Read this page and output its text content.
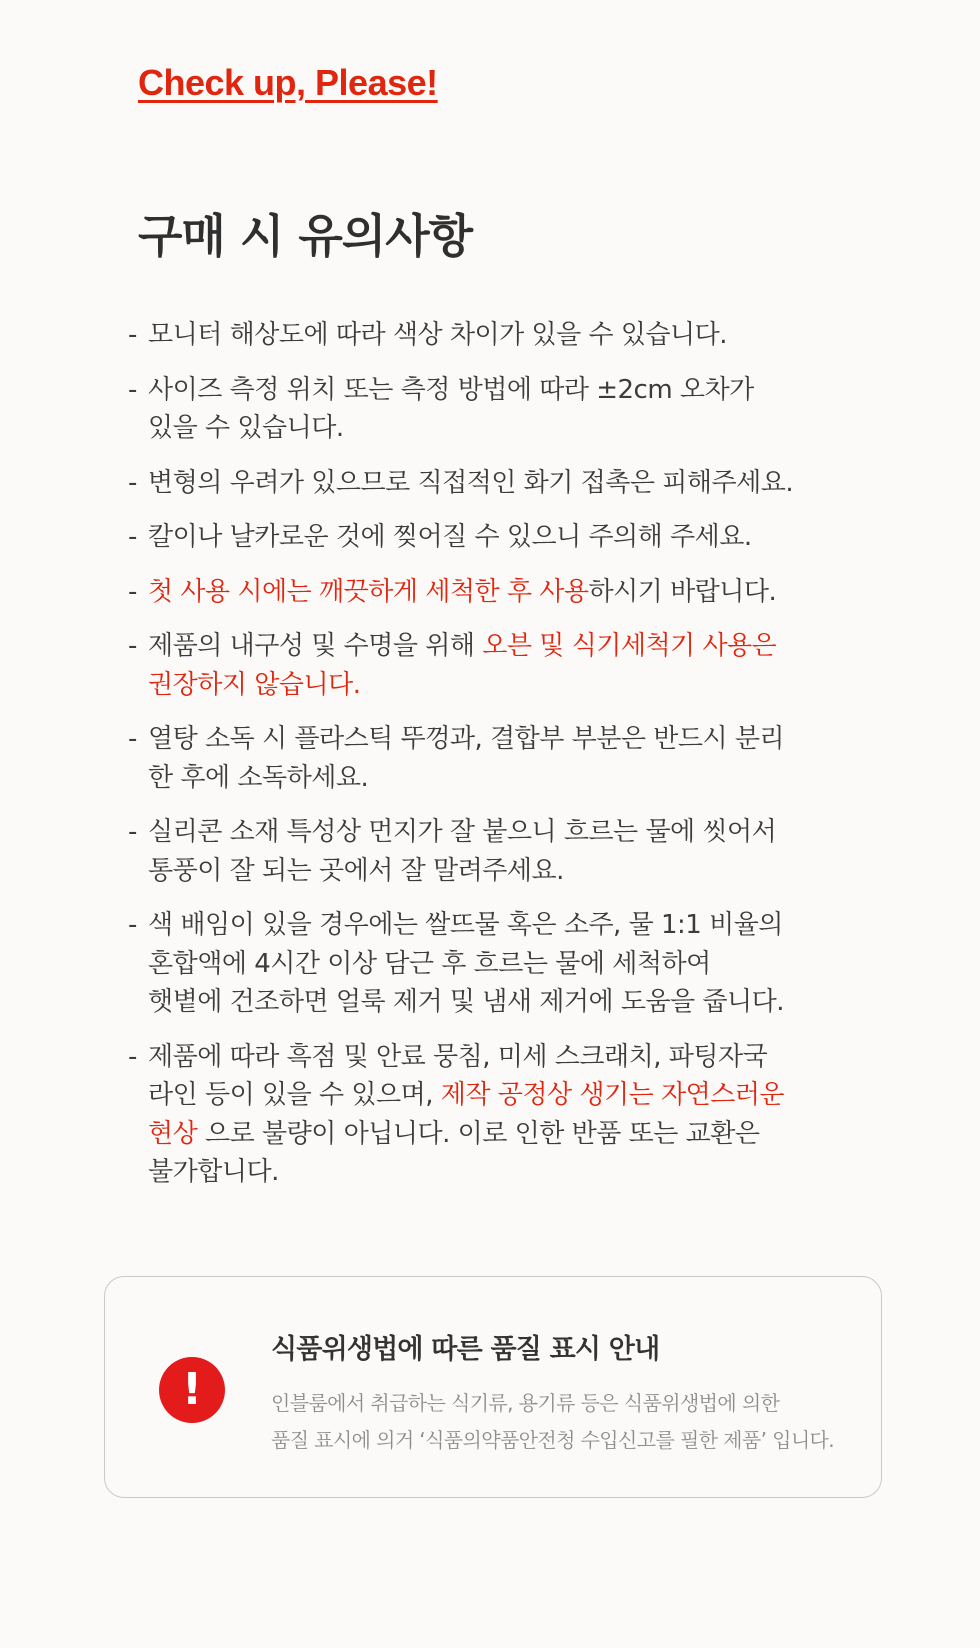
Check up, Please!
구매 시 유의사항
- 모니터 해상도에 따라 색상 차이가 있을 수 있습니다.
- 사이즈 측정 위치 또는 측정 방법에 따라 ±2cm 오차가
있을 수 있습니다.
- 변형의 우려가 있으므로 직접적인 화기 접촉은 피해주세요.
- 칼이나 날카로운 것에 찢어질 수 있으니 주의해 주세요.
- 첫 사용 시에는 깨끗하게 세척한 후 사용하시기 바랍니다.
- 제품의 내구성 및 수명을 위해 오븐 및 식기세척기 사용은
권장하지 않습니다.
- 열탕 소독 시 플라스틱 뚜껑과, 결합부 부분은 반드시 분리
한 후에 소독하세요.
- 실리콘 소재 특성상 먼지가 잘 붙으니 흐르는 물에 씻어서
통풍이 잘 되는 곳에서 잘 말려주세요.
- 색 배임이 있을 경우에는 쌀뜨물 혹은 소주, 물 1:1 비율의
혼합액에 4시간 이상 담근 후 흐르는 물에 세척하여
햇볕에 건조하면 얼룩 제거 및 냄새 제거에 도움을 줍니다.
- 제품에 따라 흑점 및 안료 뭉침, 미세 스크래치, 파팅자국
라인 등이 있을 수 있으며, 제작 공정상 생기는 자연스러운
현상 으로 불량이 아닙니다. 이로 인한 반품 또는 교환은
불가합니다.
!
식품위생법에 따른 품질 표시 안내
인블룸에서 취급하는 식기류, 용기류 등은 식품위생법에 의한
품질 표시에 의거 ‘식품의약품안전청 수입신고를 필한 제품’ 입니다.
